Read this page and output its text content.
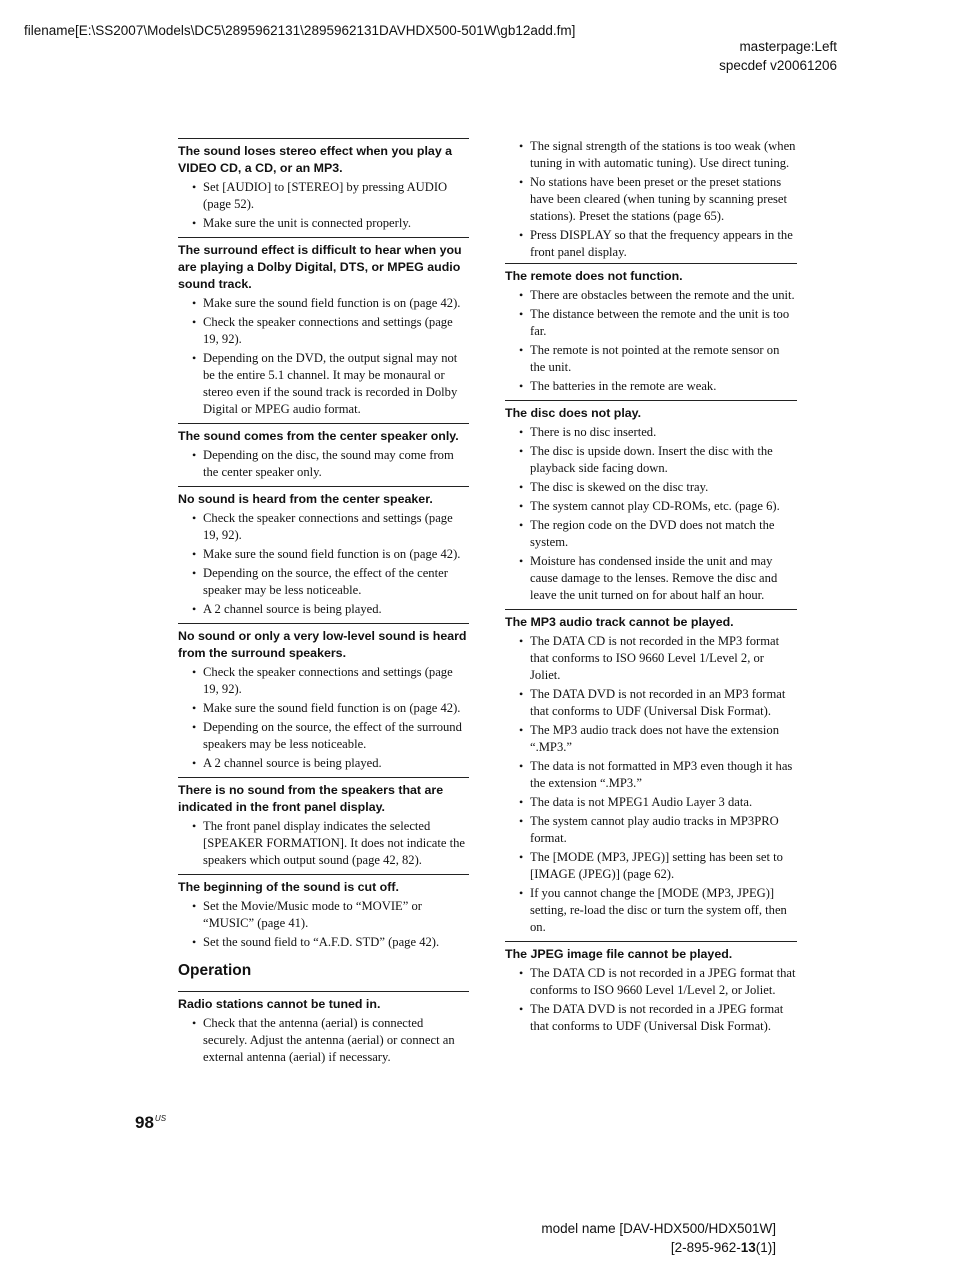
filename[E:\SS2007\Models\DC5\2895962131\2895962131DAVHDX500-501W\gb12add.fm]
masterpage:Left
specdef v20061206
The sound loses stereo effect when you play a VIDEO CD, a CD, or an MP3.
• Set [AUDIO] to [STEREO] by pressing AUDIO (page 52).
• Make sure the unit is connected properly.
The surround effect is difficult to hear when you are playing a Dolby Digital, DTS, or MPEG audio sound track.
• Make sure the sound field function is on (page 42).
• Check the speaker connections and settings (page 19, 92).
• Depending on the DVD, the output signal may not be the entire 5.1 channel. It may be monaural or stereo even if the sound track is recorded in Dolby Digital or MPEG audio format.
The sound comes from the center speaker only.
• Depending on the disc, the sound may come from the center speaker only.
No sound is heard from the center speaker.
• Check the speaker connections and settings (page 19, 92).
• Make sure the sound field function is on (page 42).
• Depending on the source, the effect of the center speaker may be less noticeable.
• A 2 channel source is being played.
No sound or only a very low-level sound is heard from the surround speakers.
• Check the speaker connections and settings (page 19, 92).
• Make sure the sound field function is on (page 42).
• Depending on the source, the effect of the surround speakers may be less noticeable.
• A 2 channel source is being played.
There is no sound from the speakers that are indicated in the front panel display.
• The front panel display indicates the selected [SPEAKER FORMATION]. It does not indicate the speakers which output sound (page 42, 82).
The beginning of the sound is cut off.
• Set the Movie/Music mode to “MOVIE” or “MUSIC” (page 41).
• Set the sound field to “A.F.D. STD” (page 42).
Operation
Radio stations cannot be tuned in.
• Check that the antenna (aerial) is connected securely. Adjust the antenna (aerial) or connect an external antenna (aerial) if necessary.
• The signal strength of the stations is too weak (when tuning in with automatic tuning). Use direct tuning.
• No stations have been preset or the preset stations have been cleared (when tuning by scanning preset stations). Preset the stations (page 65).
• Press DISPLAY so that the frequency appears in the front panel display.
The remote does not function.
• There are obstacles between the remote and the unit.
• The distance between the remote and the unit is too far.
• The remote is not pointed at the remote sensor on the unit.
• The batteries in the remote are weak.
The disc does not play.
• There is no disc inserted.
• The disc is upside down. Insert the disc with the playback side facing down.
• The disc is skewed on the disc tray.
• The system cannot play CD-ROMs, etc. (page 6).
• The region code on the DVD does not match the system.
• Moisture has condensed inside the unit and may cause damage to the lenses. Remove the disc and leave the unit turned on for about half an hour.
The MP3 audio track cannot be played.
• The DATA CD is not recorded in the MP3 format that conforms to ISO 9660 Level 1/Level 2, or Joliet.
• The DATA DVD is not recorded in an MP3 format that conforms to UDF (Universal Disk Format).
• The MP3 audio track does not have the extension “.MP3.”
• The data is not formatted in MP3 even though it has the extension “.MP3.”
• The data is not MPEG1 Audio Layer 3 data.
• The system cannot play audio tracks in MP3PRO format.
• The [MODE (MP3, JPEG)] setting has been set to [IMAGE (JPEG)] (page 62).
• If you cannot change the [MODE (MP3, JPEG)] setting, re-load the disc or turn the system off, then on.
The JPEG image file cannot be played.
• The DATA CD is not recorded in a JPEG format that conforms to ISO 9660 Level 1/Level 2, or Joliet.
• The DATA DVD is not recorded in a JPEG format that conforms to UDF (Universal Disk Format).
$98^{US}$
model name [DAV-HDX500/HDX501W]
[2-895-962-13(1)]
